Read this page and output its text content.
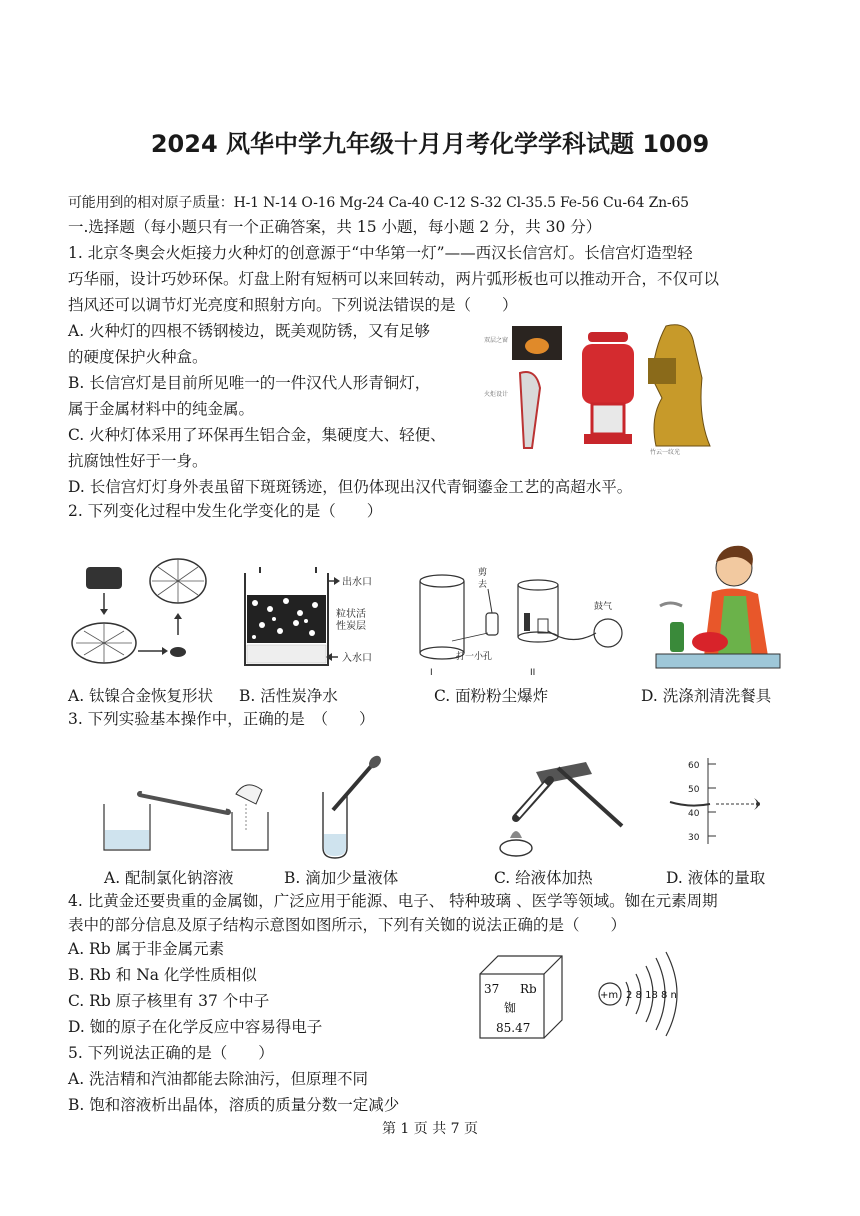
2024 风华中学九年级十月月考化学学科试题 1009
可能用到的相对原子质量：H-1 N-14 O-16 Mg-24 Ca-40 C-12 S-32 Cl-35.5 Fe-56 Cu-64 Zn-65
一.选择题（每小题只有一个正确答案，共 15 小题，每小题 2 分，共 30 分）
1. 北京冬奥会火炬接力火种灯的创意源于“中华第一灯”——西汉长信宫灯。长信宫灯造型轻
巧华丽，设计巧妙环保。灯盘上附有短柄可以来回转动，两片弧形板也可以推动开合，不仅可以
挡风还可以调节灯光亮度和照射方向。下列说法错误的是（　　）
A. 火种灯的四根不锈钢棱边，既美观防锈，又有足够
的硬度保护火种盒。
B. 长信宫灯是目前所见唯一的一件汉代人形青铜灯，
属于金属材料中的纯金属。
C. 火种灯体采用了环保再生铝合金，集硬度大、轻便、
抗腐蚀性好于一身。
D. 长信宫灯灯身外表虽留下斑斑锈迹，但仍体现出汉代青铜鎏金工艺的高超水平。
双层之窗
火炬设计
竹云一纹光
2. 下列变化过程中发生化学变化的是（　　）
出水口
粒状活
性炭层
入水口
剪
去
打一小孔
I
鼓气
II
A. 钛镍合金恢复形状 B. 活性炭净水	C. 面粉粉尘爆炸	D. 洗涤剂清洗餐具
3. 下列实验基本操作中，正确的是　（　　）
60
50
40
30
A. 配制氯化钠溶液	B. 滴加少量液体	C. 给液体加热	D. 液体的量取
4. 比黄金还要贵重的金属铷，广泛应用于能源、电子、 特种玻璃 、医学等领域。铷在元素周期
表中的部分信息及原子结构示意图如图所示，下列有关铷的说法正确的是（　　）
A. Rb 属于非金属元素
B. Rb 和 Na 化学性质相似
C. Rb 原子核里有 37 个中子
D. 铷的原子在化学反应中容易得电子
37 Rb
铷
85.47
+m 2 8 18 8 n
5. 下列说法正确的是（　　）
A. 洗洁精和汽油都能去除油污，但原理不同
B. 饱和溶液析出晶体，溶质的质量分数一定减少
第 1 页 共 7 页
